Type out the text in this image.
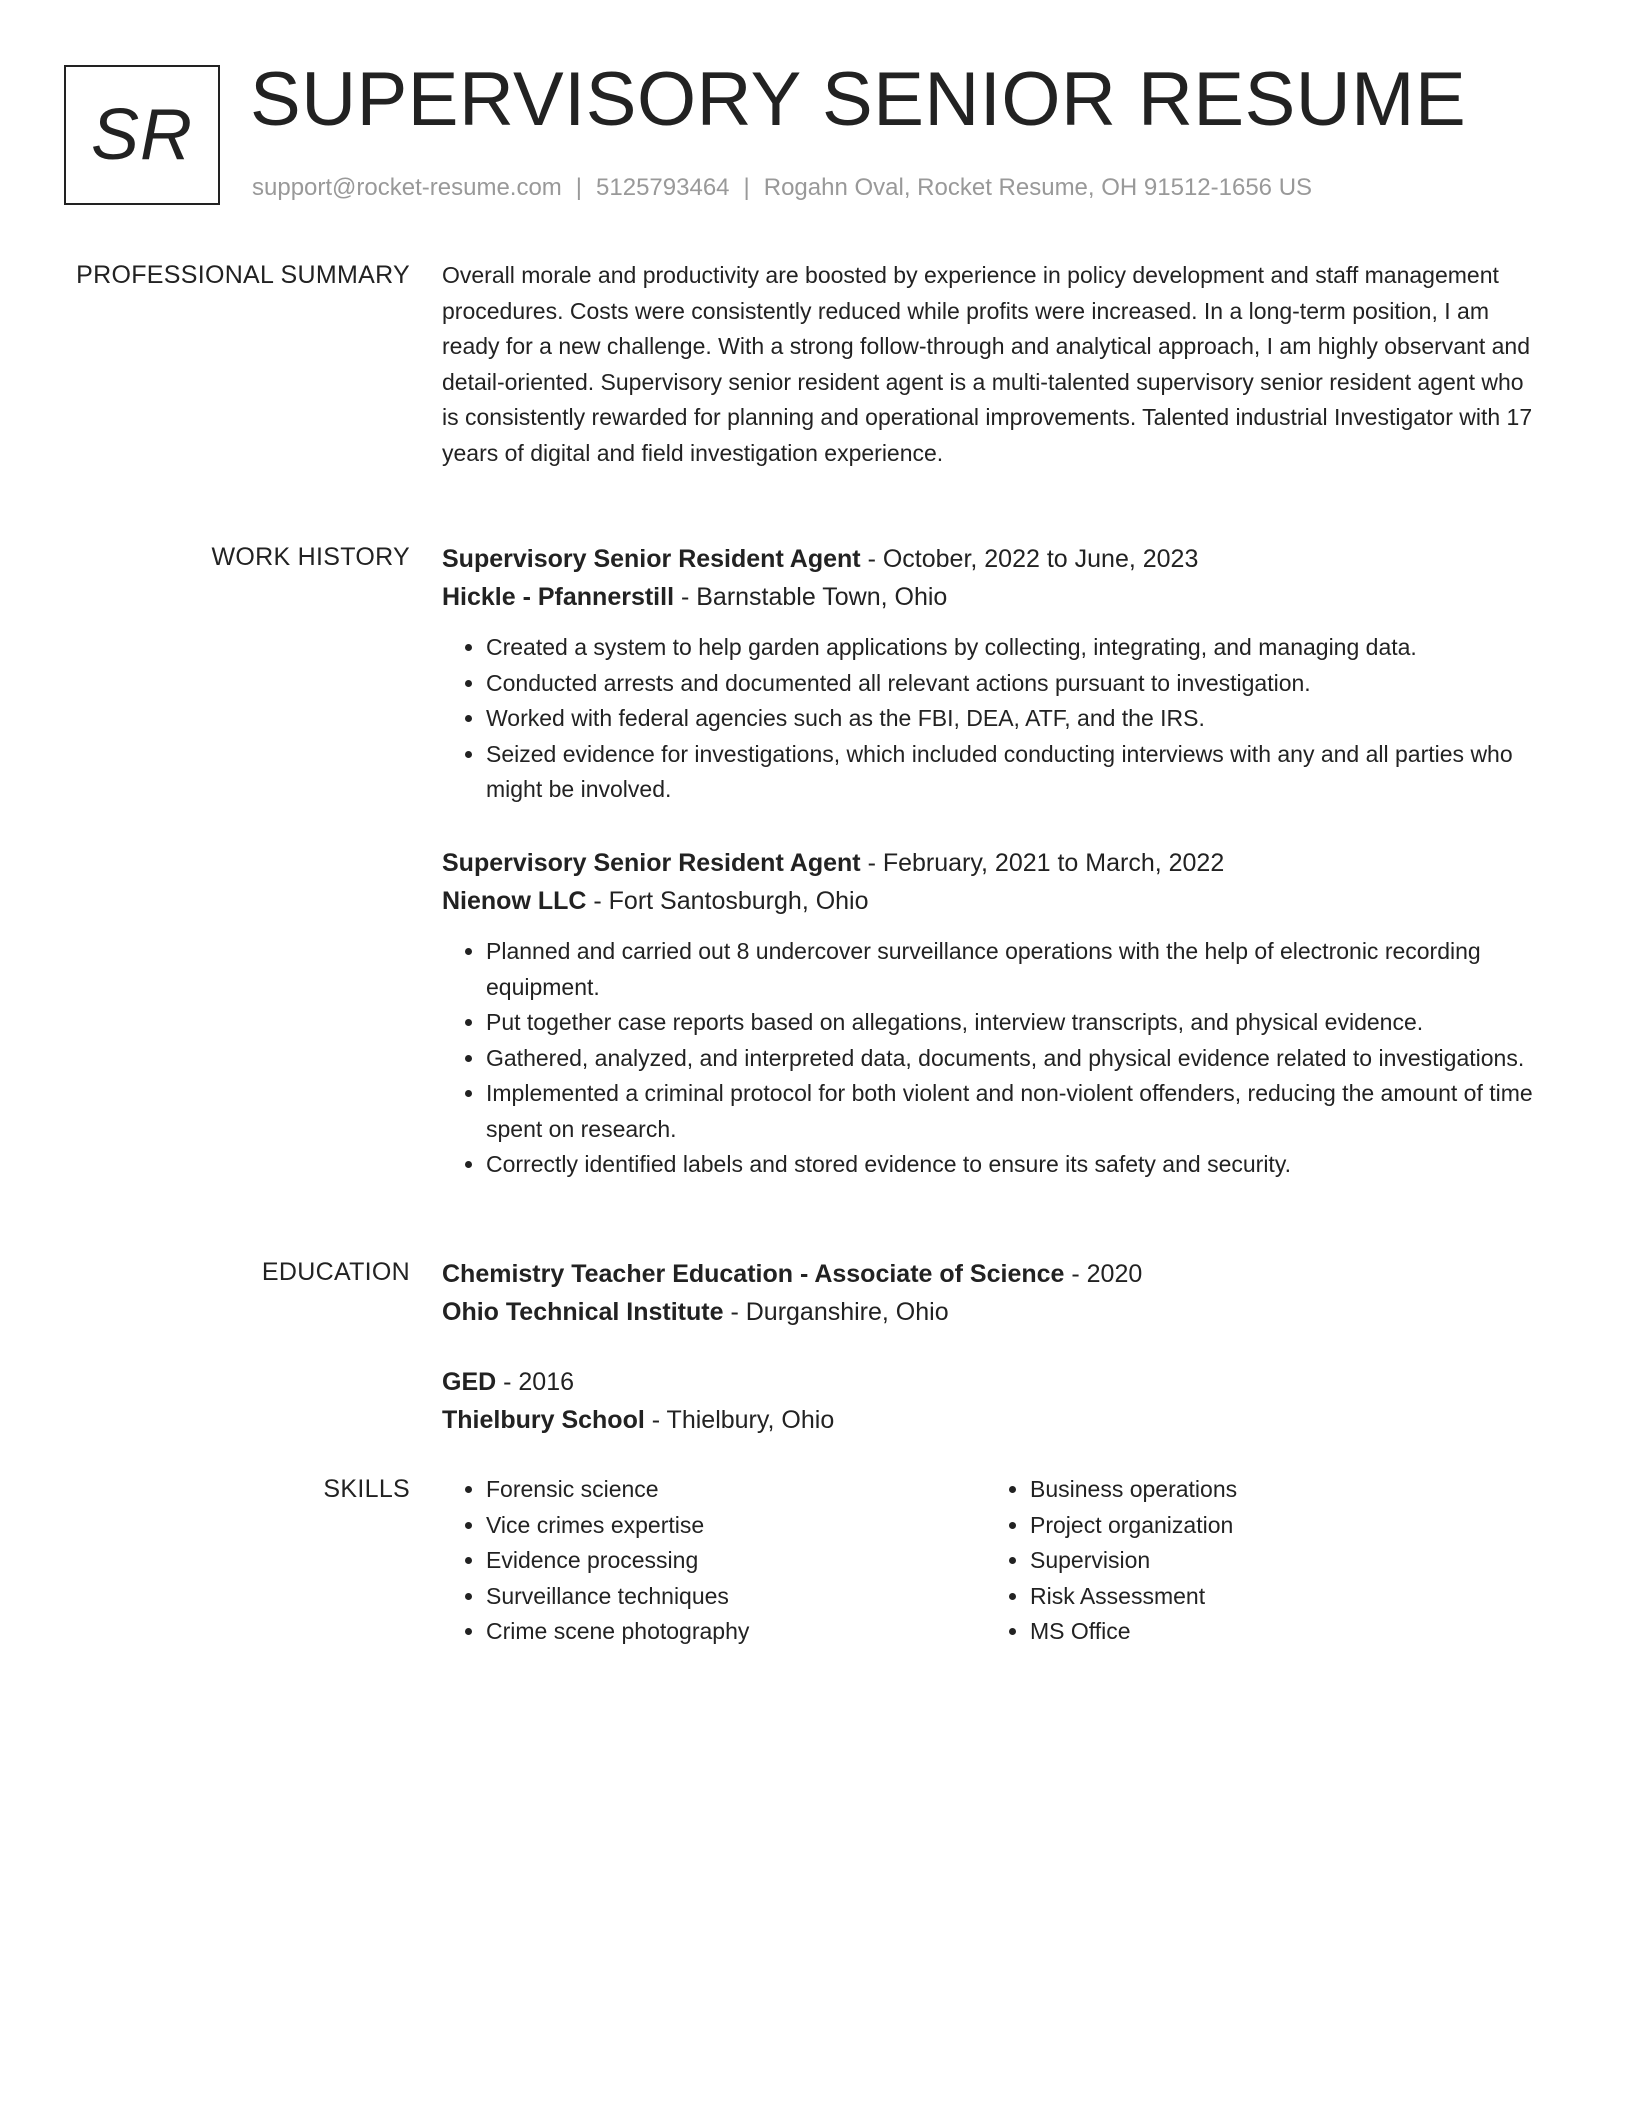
SR SUPERVISORY SENIOR RESUME
support@rocket-resume.com | 5125793464 | Rogahn Oval, Rocket Resume, OH 91512-1656 US
PROFESSIONAL SUMMARY Overall morale and productivity are boosted by experience in policy development and staff management procedures. Costs were consistently reduced while profits were increased. In a long-term position, I am ready for a new challenge. With a strong follow-through and analytical approach, I am highly observant and detail-oriented. Supervisory senior resident agent is a multi-talented supervisory senior resident agent who is consistently rewarded for planning and operational improvements. Talented industrial Investigator with 17 years of digital and field investigation experience.

WORK HISTORY Supervisory Senior Resident Agent - October, 2022 to June, 2023

Hickle - Pfannerstill - Barnstable Town, Ohio

• Created a system to help garden applications by collecting, integrating, and managing data.
• Conducted arrests and documented all relevant actions pursuant to investigation.
• Worked with federal agencies such as the FBI, DEA, ATF, and the IRS.
• Seized evidence for investigations, which included conducting interviews with any and all parties who might be involved.

Supervisory Senior Resident Agent - February, 2021 to March, 2022

Nienow LLC - Fort Santosburgh, Ohio

• Planned and carried out 8 undercover surveillance operations with the help of electronic recording equipment.
• Put together case reports based on allegations, interview transcripts, and physical evidence.
• Gathered, analyzed, and interpreted data, documents, and physical evidence related to investigations.
• Implemented a criminal protocol for both violent and non-violent offenders, reducing the amount of time spent on research.
• Correctly identified labels and stored evidence to ensure its safety and security.
EDUCATION Chemistry Teacher Education - Associate of Science - 2020

Ohio Technical Institute - Durganshire, Ohio

GED - 2016

Thielbury School - Thielbury, Ohio

SKILLS
•	Forensic science
• Vice crimes expertise
• Evidence processing
• Surveillance techniques
• Crime scene photography
• Business operations
• Project organization
• Supervision
• Risk Assessment
• MS Office
